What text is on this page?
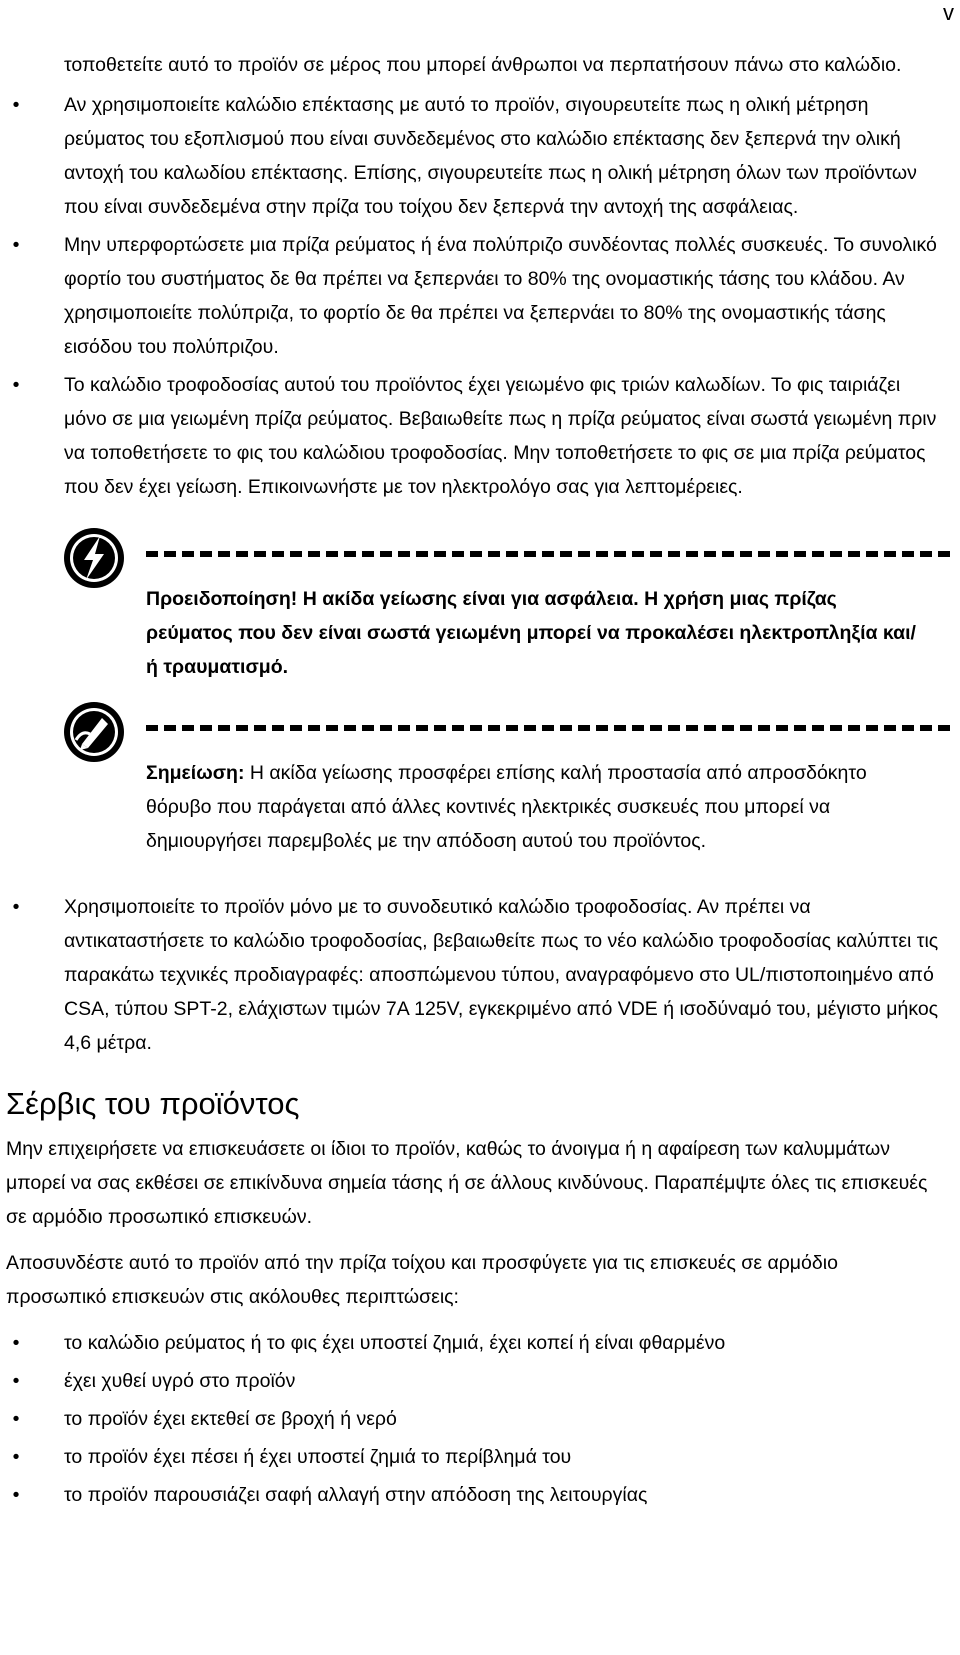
v

τοποθετείτε αυτό το προϊόν σε μέρος που μπορεί άνθρωποι να περπατήσουν πάνω στο καλώδιο.

•	Αν χρησιμοποιείτε καλώδιο επέκτασης με αυτό το προϊόν, σιγουρευτείτε πως η ολική μέτρηση ρεύματος του εξοπλισμού που είναι συνδεδεμένος στο καλώδιο επέκτασης δεν ξεπερνά την ολική αντοχή του καλωδίου επέκτασης. Επίσης, σιγουρευτείτε πως η ολική μέτρηση όλων των προϊόντων που είναι συνδεδεμένα στην πρίζα του τοίχου δεν ξεπερνά την αντοχή της ασφάλειας.
•	Μην υπερφορτώσετε μια πρίζα ρεύματος ή ένα πολύπριζο συνδέοντας πολλές συσκευές. Το συνολικό φορτίο του συστήματος δε θα πρέπει να ξεπερνάει το 80% της ονομαστικής τάσης του κλάδου. Αν χρησιμοποιείτε πολύπριζα, το φορτίο δε θα πρέπει να ξεπερνάει το 80% της ονομαστικής τάσης εισόδου του πολύπριζου.
•	Το καλώδιο τροφοδοσίας αυτού του προϊόντος έχει γειωμένο φις τριών καλωδίων. Το φις ταιριάζει μόνο σε μια γειωμένη πρίζα ρεύματος. Βεβαιωθείτε πως η πρίζα ρεύματος είναι σωστά γειωμένη πριν να τοποθετήσετε το φις του καλώδιου τροφοδοσίας. Μην τοποθετήσετε το φις σε μια πρίζα ρεύματος που δεν έχει γείωση. Επικοινωνήστε με τον ηλεκτρολόγο σας για λεπτομέρειες.
Προειδοποίηση! Η ακίδα γείωσης είναι για ασφάλεια. Η χρήση μιας πρίζας ρεύματος που δεν είναι σωστά γειωμένη μπορεί να προκαλέσει ηλεκτροπληξία και/ή τραυματισμό.
Σημείωση: Η ακίδα γείωσης προσφέρει επίσης καλή προστασία από απροσδόκητο θόρυβο που παράγεται από άλλες κοντινές ηλεκτρικές συσκευές που μπορεί να δημιουργήσει παρεμβολές με την απόδοση αυτού του προϊόντος.
•	Χρησιμοποιείτε το προϊόν μόνο με το συνοδευτικό καλώδιο τροφοδοσίας. Αν πρέπει να αντικαταστήσετε το καλώδιο τροφοδοσίας, βεβαιωθείτε πως το νέο καλώδιο τροφοδοσίας καλύπτει τις παρακάτω τεχνικές προδιαγραφές: αποσπώμενου τύπου, αναγραφόμενο στο UL/πιστοποιημένο από CSA, τύπου SPT-2, ελάχιστων τιμών 7A 125V, εγκεκριμένο από VDE ή ισοδύναμό του, μέγιστο μήκος 4,6 μέτρα.
Σέρβις του προϊόντος

Μην επιχειρήσετε να επισκευάσετε οι ίδιοι το προϊόν, καθώς το άνοιγμα ή η αφαίρεση των καλυμμάτων μπορεί να σας εκθέσει σε επικίνδυνα σημεία τάσης ή σε άλλους κινδύνους. Παραπέμψτε όλες τις επισκευές σε αρμόδιο προσωπικό επισκευών.

Αποσυνδέστε αυτό το προϊόν από την πρίζα τοίχου και προσφύγετε για τις επισκευές σε αρμόδιο προσωπικό επισκευών στις ακόλουθες περιπτώσεις:

•	το καλώδιο ρεύματος ή το φις έχει υποστεί ζημιά, έχει κοπεί ή είναι φθαρμένο
•	έχει χυθεί υγρό στο προϊόν
•	το προϊόν έχει εκτεθεί σε βροχή ή νερό
•	το προϊόν έχει πέσει ή έχει υποστεί ζημιά το περίβλημά του
•	το προϊόν παρουσιάζει σαφή αλλαγή στην απόδοση της λειτουργίας
